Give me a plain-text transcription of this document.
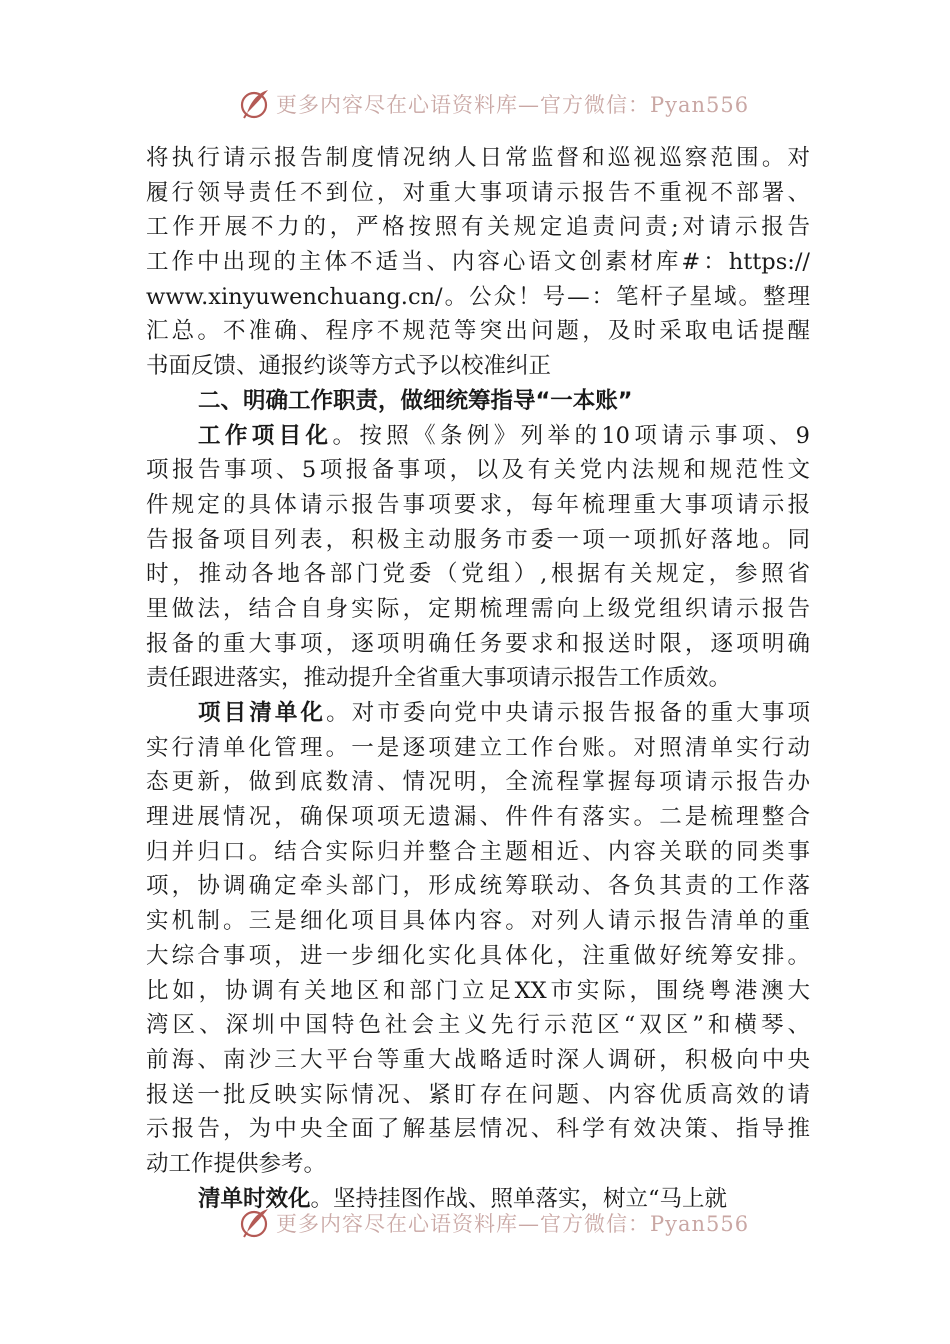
更多内容尽在心语资料库—官方微信：Pyan556
将执行请示报告制度情况纳人日常监督和巡视巡察范围。对
履行领导责任不到位，对重大事项请示报告不重视不部署、
工作开展不力的，严格按照有关规定追责问责;对请示报告
工作中出现的主体不适当、内容心语文创素材库#：https://
www.xinyuwenchuang.cn/。公众！号—：笔杆子星域。整理
汇总。不准确、程序不规范等突出问题，及时采取电话提醒
书面反馈、通报约谈等方式予以校准纠正
二、明确工作职责，做细统筹指导“一本账”
工作项目化。按照《条例》列举的10项请示事项、9
项报告事项、5项报备事项，以及有关党内法规和规范性文
件规定的具体请示报告事项要求，每年梳理重大事项请示报
告报备项目列表，积极主动服务市委一项一项抓好落地。同
时，推动各地各部门党委（党组）,根据有关规定，参照省
里做法，结合自身实际，定期梳理需向上级党组织请示报告
报备的重大事项，逐项明确任务要求和报送时限，逐项明确
责任跟进落实，推动提升全省重大事项请示报告工作质效。
项目清单化。对市委向党中央请示报告报备的重大事项
实行清单化管理。一是逐项建立工作台账。对照清单实行动
态更新，做到底数清、情况明，全流程掌握每项请示报告办
理进展情况，确保项项无遗漏、件件有落实。二是梳理整合
归并归口。结合实际归并整合主题相近、内容关联的同类事
项，协调确定牵头部门，形成统筹联动、各负其责的工作落
实机制。三是细化项目具体内容。对列人请示报告清单的重
大综合事项，进一步细化实化具体化，注重做好统筹安排。
比如，协调有关地区和部门立足XX市实际，围绕粤港澳大
湾区、深圳中国特色社会主义先行示范区“双区”和横琴、
前海、南沙三大平台等重大战略适时深人调研，积极向中央
报送一批反映实际情况、紧盯存在问题、内容优质高效的请
示报告，为中央全面了解基层情况、科学有效决策、指导推
动工作提供参考。
清单时效化。坚持挂图作战、照单落实，树立“马上就
更多内容尽在心语资料库—官方微信：Pyan556
